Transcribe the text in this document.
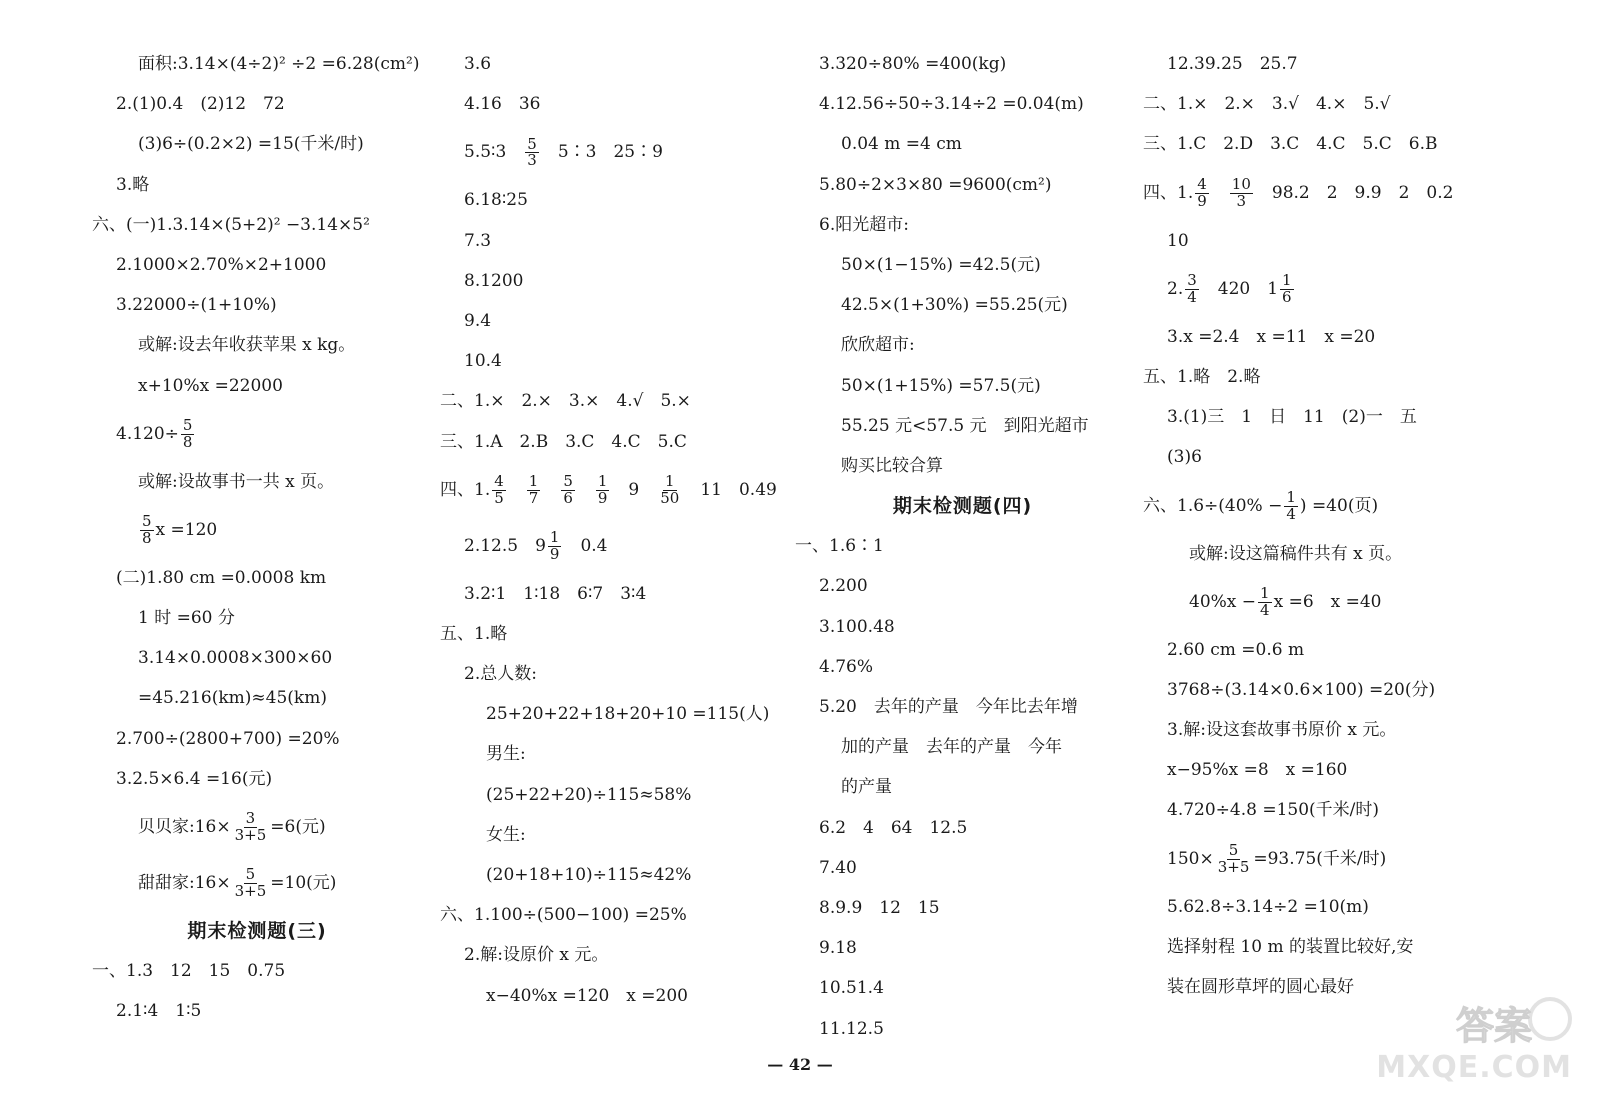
面积:3.14×(4÷2)² ÷2 =6.28(cm²)
2.(1)0.4　(2)12　72
(3)6÷(0.2×2) =15(千米/时)
3.略
六、(一)1.3.14×(5+2)² −3.14×5²
2.1000×2.70%×2+1000
3.22000÷(1+10%)
或解:设去年收获苹果 x kg。
x+10%x =22000
$4.120\div \frac{5}{8}$
或解:设故事书一共 x 页。
$\frac{5}{8}$ x =120
(二)1.80 cm =0.0008 km
1 时 =60 分
3.14×0.0008×300×60
=45.216(km)≈45(km)
2.700÷(2800+700) =20%
3.2.5×6.4 =16(元)
贝贝家:16× $\frac{3}{3+5} =6$(元)
甜甜家:16× $\frac{5}{3+5} =10$(元)
期末检测题(三)
一、1.3　12　15　0.75
2.1∶4　1∶5
3.6
4.16　36
5.5∶3　 $\frac{5}{3}$
　 5∶3　25∶9
6.18∶25
7.3
8.1200
9.4
10.4
二、1.×　2.×　3.×　4.√　5.×
三、1.A　2.B　3.C　4.C　5.C
四、1. $\frac{4}{5}$
　 $\frac{1}{7}$
　 $\frac{5}{6}$
　 $\frac{1}{9}$
　 9　 $\frac{1}{50}$
　 11　0.49
2.12.5　$9 \frac{1}{9}$
　 0.4
3.2∶1　1∶18　6∶7　3∶4
五、1.略
2.总人数:
25+20+22+18+20+10 =115(人)
男生:
(25+22+20)÷115≈58%
女生:
(20+18+10)÷115≈42%
六、1.100÷(500−100) =25%
2.解:设原价 x 元。
x−40%x =120　x =200
3.320÷80% =400(kg)
4.12.56÷50÷3.14÷2 =0.04(m)
0.04 m =4 cm
5.80÷2×3×80 =9600(cm²)
6.阳光超市:
50×(1−15%) =42.5(元)
42.5×(1+30%) =55.25(元)
欣欣超市:
50×(1+15%) =57.5(元)
55.25 元<57.5 元　到阳光超市
购买比较合算
期末检测题(四)
一、1.6∶1
2.200
3.100.48
4.76%
5.20　去年的产量　今年比去年增
加的产量　去年的产量　今年
的产量
6.2　4　64　12.5
7.40
8.9.9　12　15
9.18
10.51.4
11.12.5
12.39.25　25.7
二、1.×　2.×　3.√　4.×　5.√
三、1.C　2.D　3.C　4.C　5.C　6.B
四、1. $\frac{4}{9}$
　 $\frac{10}{3}$
　 98.2　2　9.9　2　0.2
10
2. $\frac{3}{4}$
　 420　$1 \frac{1}{6}$
3.x =2.4　x =11　x =20
五、1.略　2.略
3.(1)三　1　日　11　(2)一　五
(3)6
六、$1.6\div(40\% - \frac{1}{4}$ ) =40(页)
或解:设这篇稿件共有 x 页。
$40\%x - \frac{1}{4}$ x =6　x =40
2.60 cm =0.6 m
3768÷(3.14×0.6×100) =20(分)
3.解:设这套故事书原价 x 元。
x−95%x =8　x =160
4.720÷4.8 =150(千米/时)
$150\times \frac{5}{3+5} =93.75$(千米/时)
5.62.8÷3.14÷2 =10(m)
选择射程 10 m 的装置比较好,安
装在圆形草坪的圆心最好
— 42 —
答案
MXQE.COM
